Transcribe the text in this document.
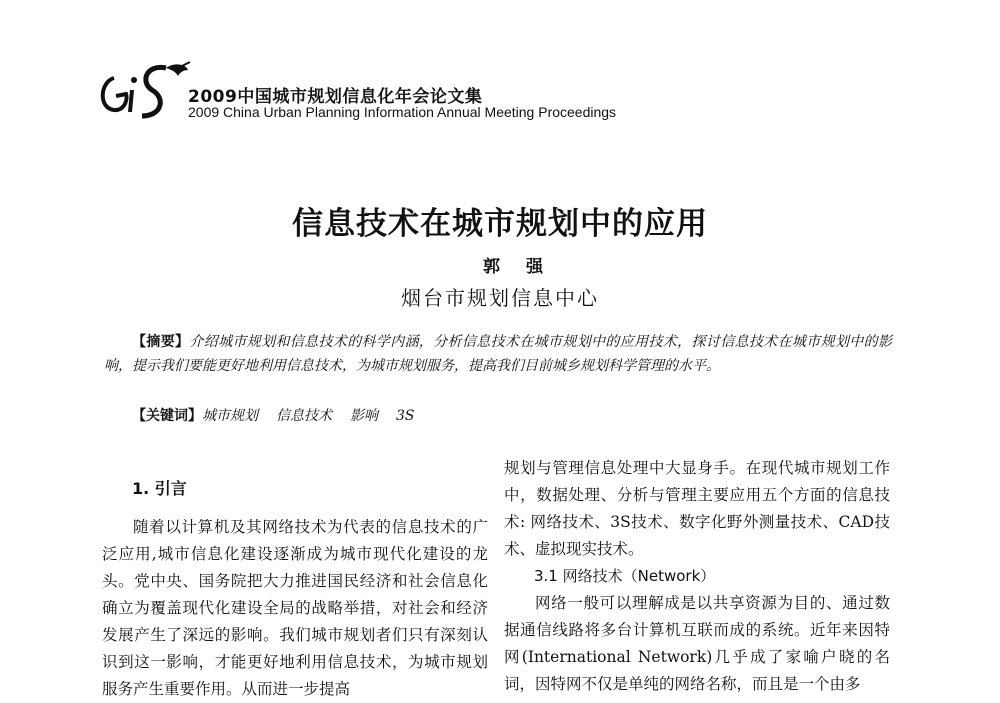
2009中国城市规划信息化年会论文集
2009 China Urban Planning Information Annual Meeting Proceedings
信息技术在城市规划中的应用
郭强
烟台市规划信息中心

【摘要】介绍城市规划和信息技术的科学内涵，分析信息技术在城市规划中的应用技术，探讨信息技术在城市规划中的影响，提示我们要能更好地利用信息技术，为城市规划服务，提高我们目前城乡规划科学管理的水平。

【关键词】城市规划 信息技术 影响 3S

1. 引言

随着以计算机及其网络技术为代表的信息技术的广泛应用,城市信息化建设逐渐成为城市现代化建设的龙头。党中央、国务院把大力推进国民经济和社会信息化确立为覆盖现代化建设全局的战略举措，对社会和经济发展产生了深远的影响。我们城市规划者们只有深刻认识到这一影响，才能更好地利用信息技术，为城市规划服务产生重要作用。从而进一步提高

规划与管理信息处理中大显身手。在现代城市规划工作中，数据处理、分析与管理主要应用五个方面的信息技术: 网络技术、3S技术、数字化野外测量技术、CAD技术、虚拟现实技术。

3.1 网络技术（Network）

网络一般可以理解成是以共享资源为目的、通过数据通信线路将多台计算机互联而成的系统。近年来因特网(International Network)几乎成了家喻户晓的名词，因特网不仅是单纯的网络名称，而且是一个由多
